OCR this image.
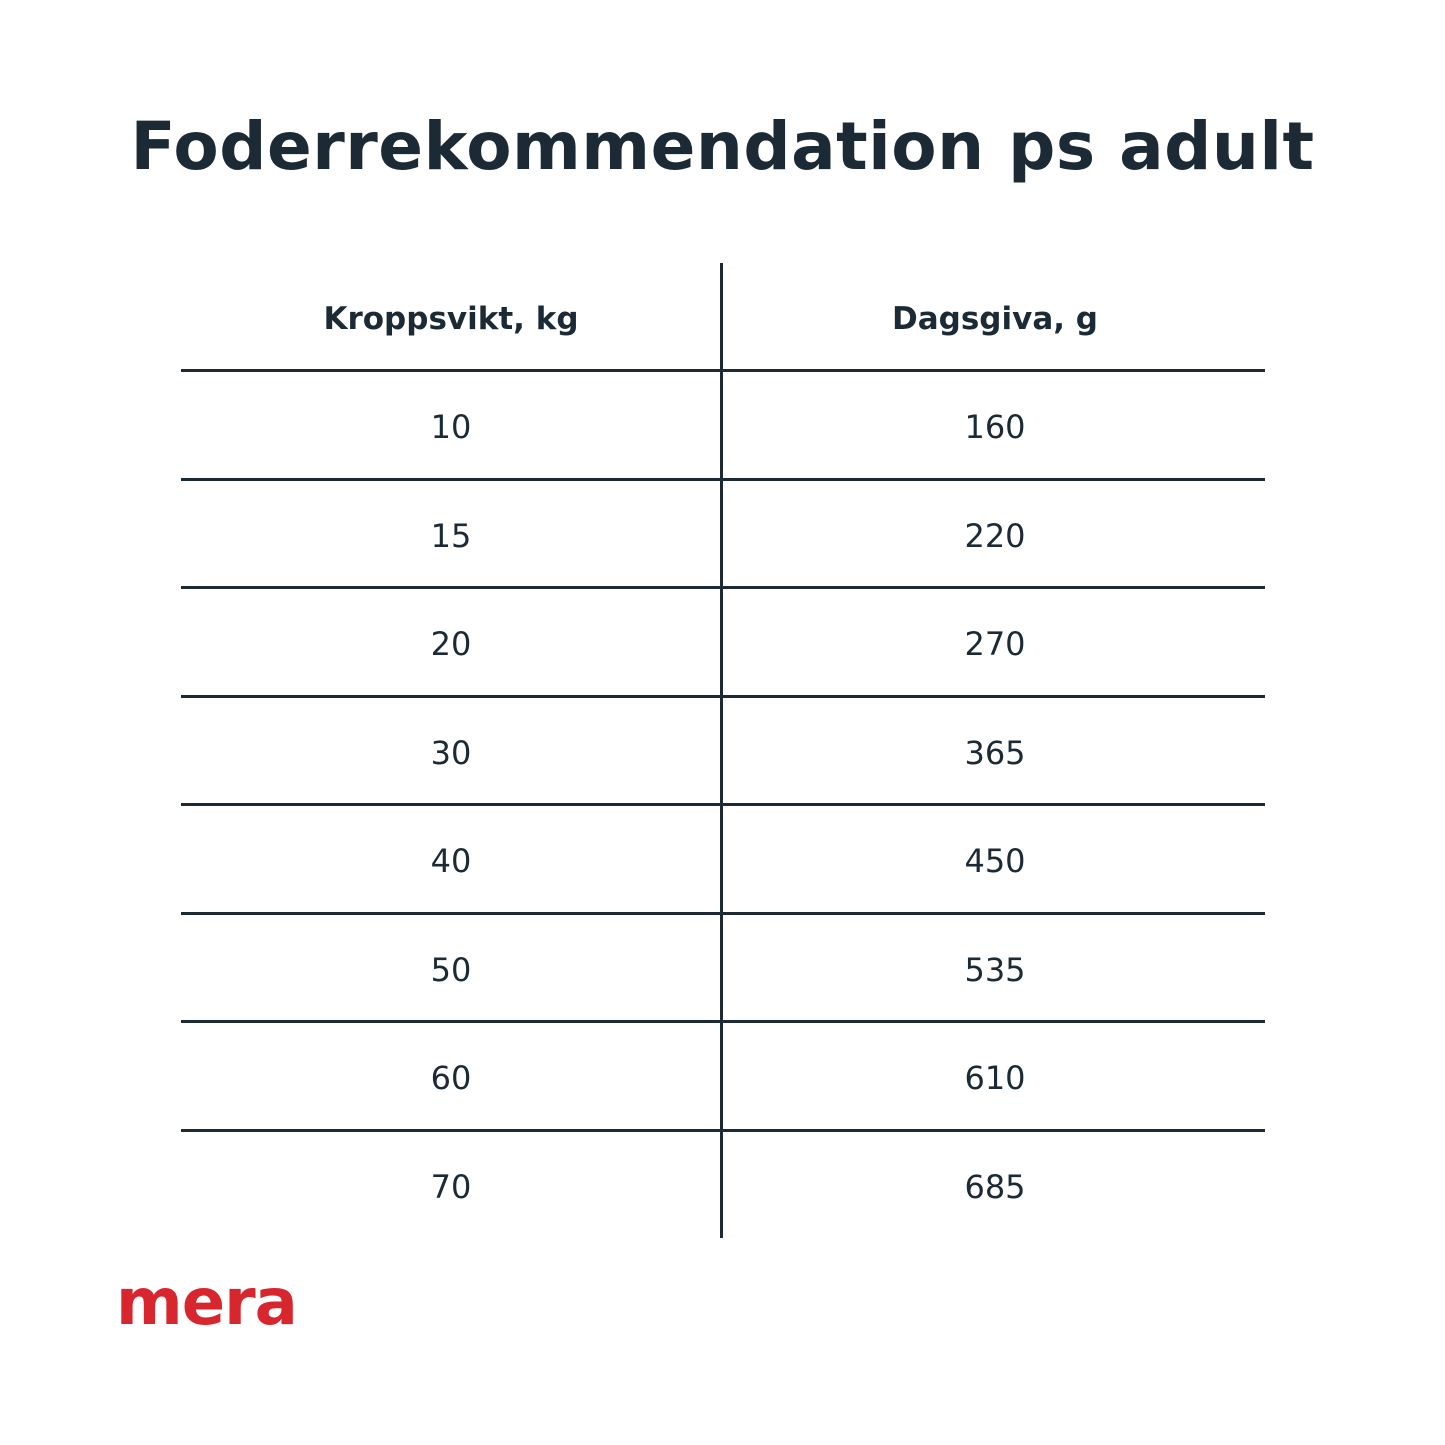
Foderrekommendation ps adult
Kroppsvikt, kg	Dagsgiva, g
10	160
15	220
20	270
30	365
40	450
50	535
60	610
70	685
mera
